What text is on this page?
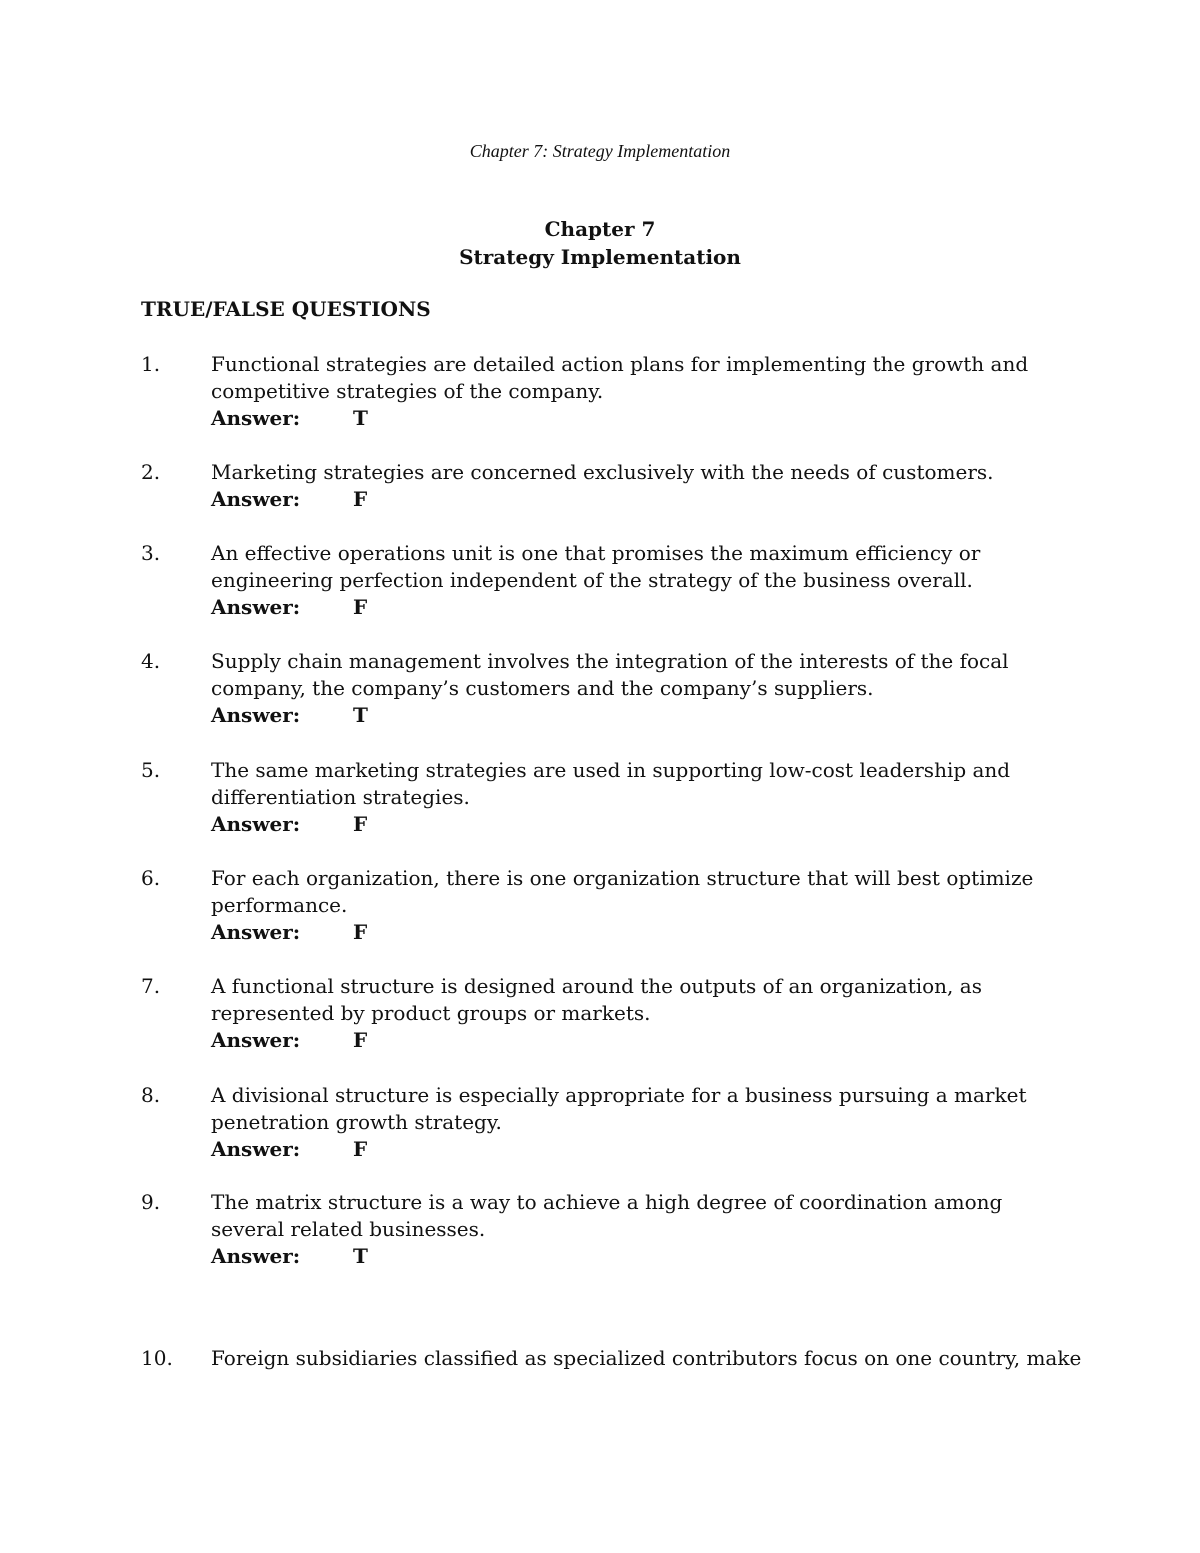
Chapter 7: Strategy Implementation
Chapter 7
Strategy Implementation
TRUE/FALSE QUESTIONS
1.	Functional strategies are detailed action plans for implementing the growth and competitive strategies of the company.
Answer:	T
2.	Marketing strategies are concerned exclusively with the needs of customers.
Answer:	F
3.	An effective operations unit is one that promises the maximum efficiency or engineering perfection independent of the strategy of the business overall.
Answer:	F
4.	Supply chain management involves the integration of the interests of the focal company, the company’s customers and the company’s suppliers.
Answer:	T
5.	The same marketing strategies are used in supporting low-cost leadership and differentiation strategies.
Answer:	F
6.	For each organization, there is one organization structure that will best optimize performance.
Answer:	F
7.	A functional structure is designed around the outputs of an organization, as represented by product groups or markets.
Answer:	F
8.	A divisional structure is especially appropriate for a business pursuing a market penetration growth strategy.
Answer:	F
9.	The matrix structure is a way to achieve a high degree of coordination among several related businesses.
Answer:	T
10.	Foreign subsidiaries classified as specialized contributors focus on one country, make
